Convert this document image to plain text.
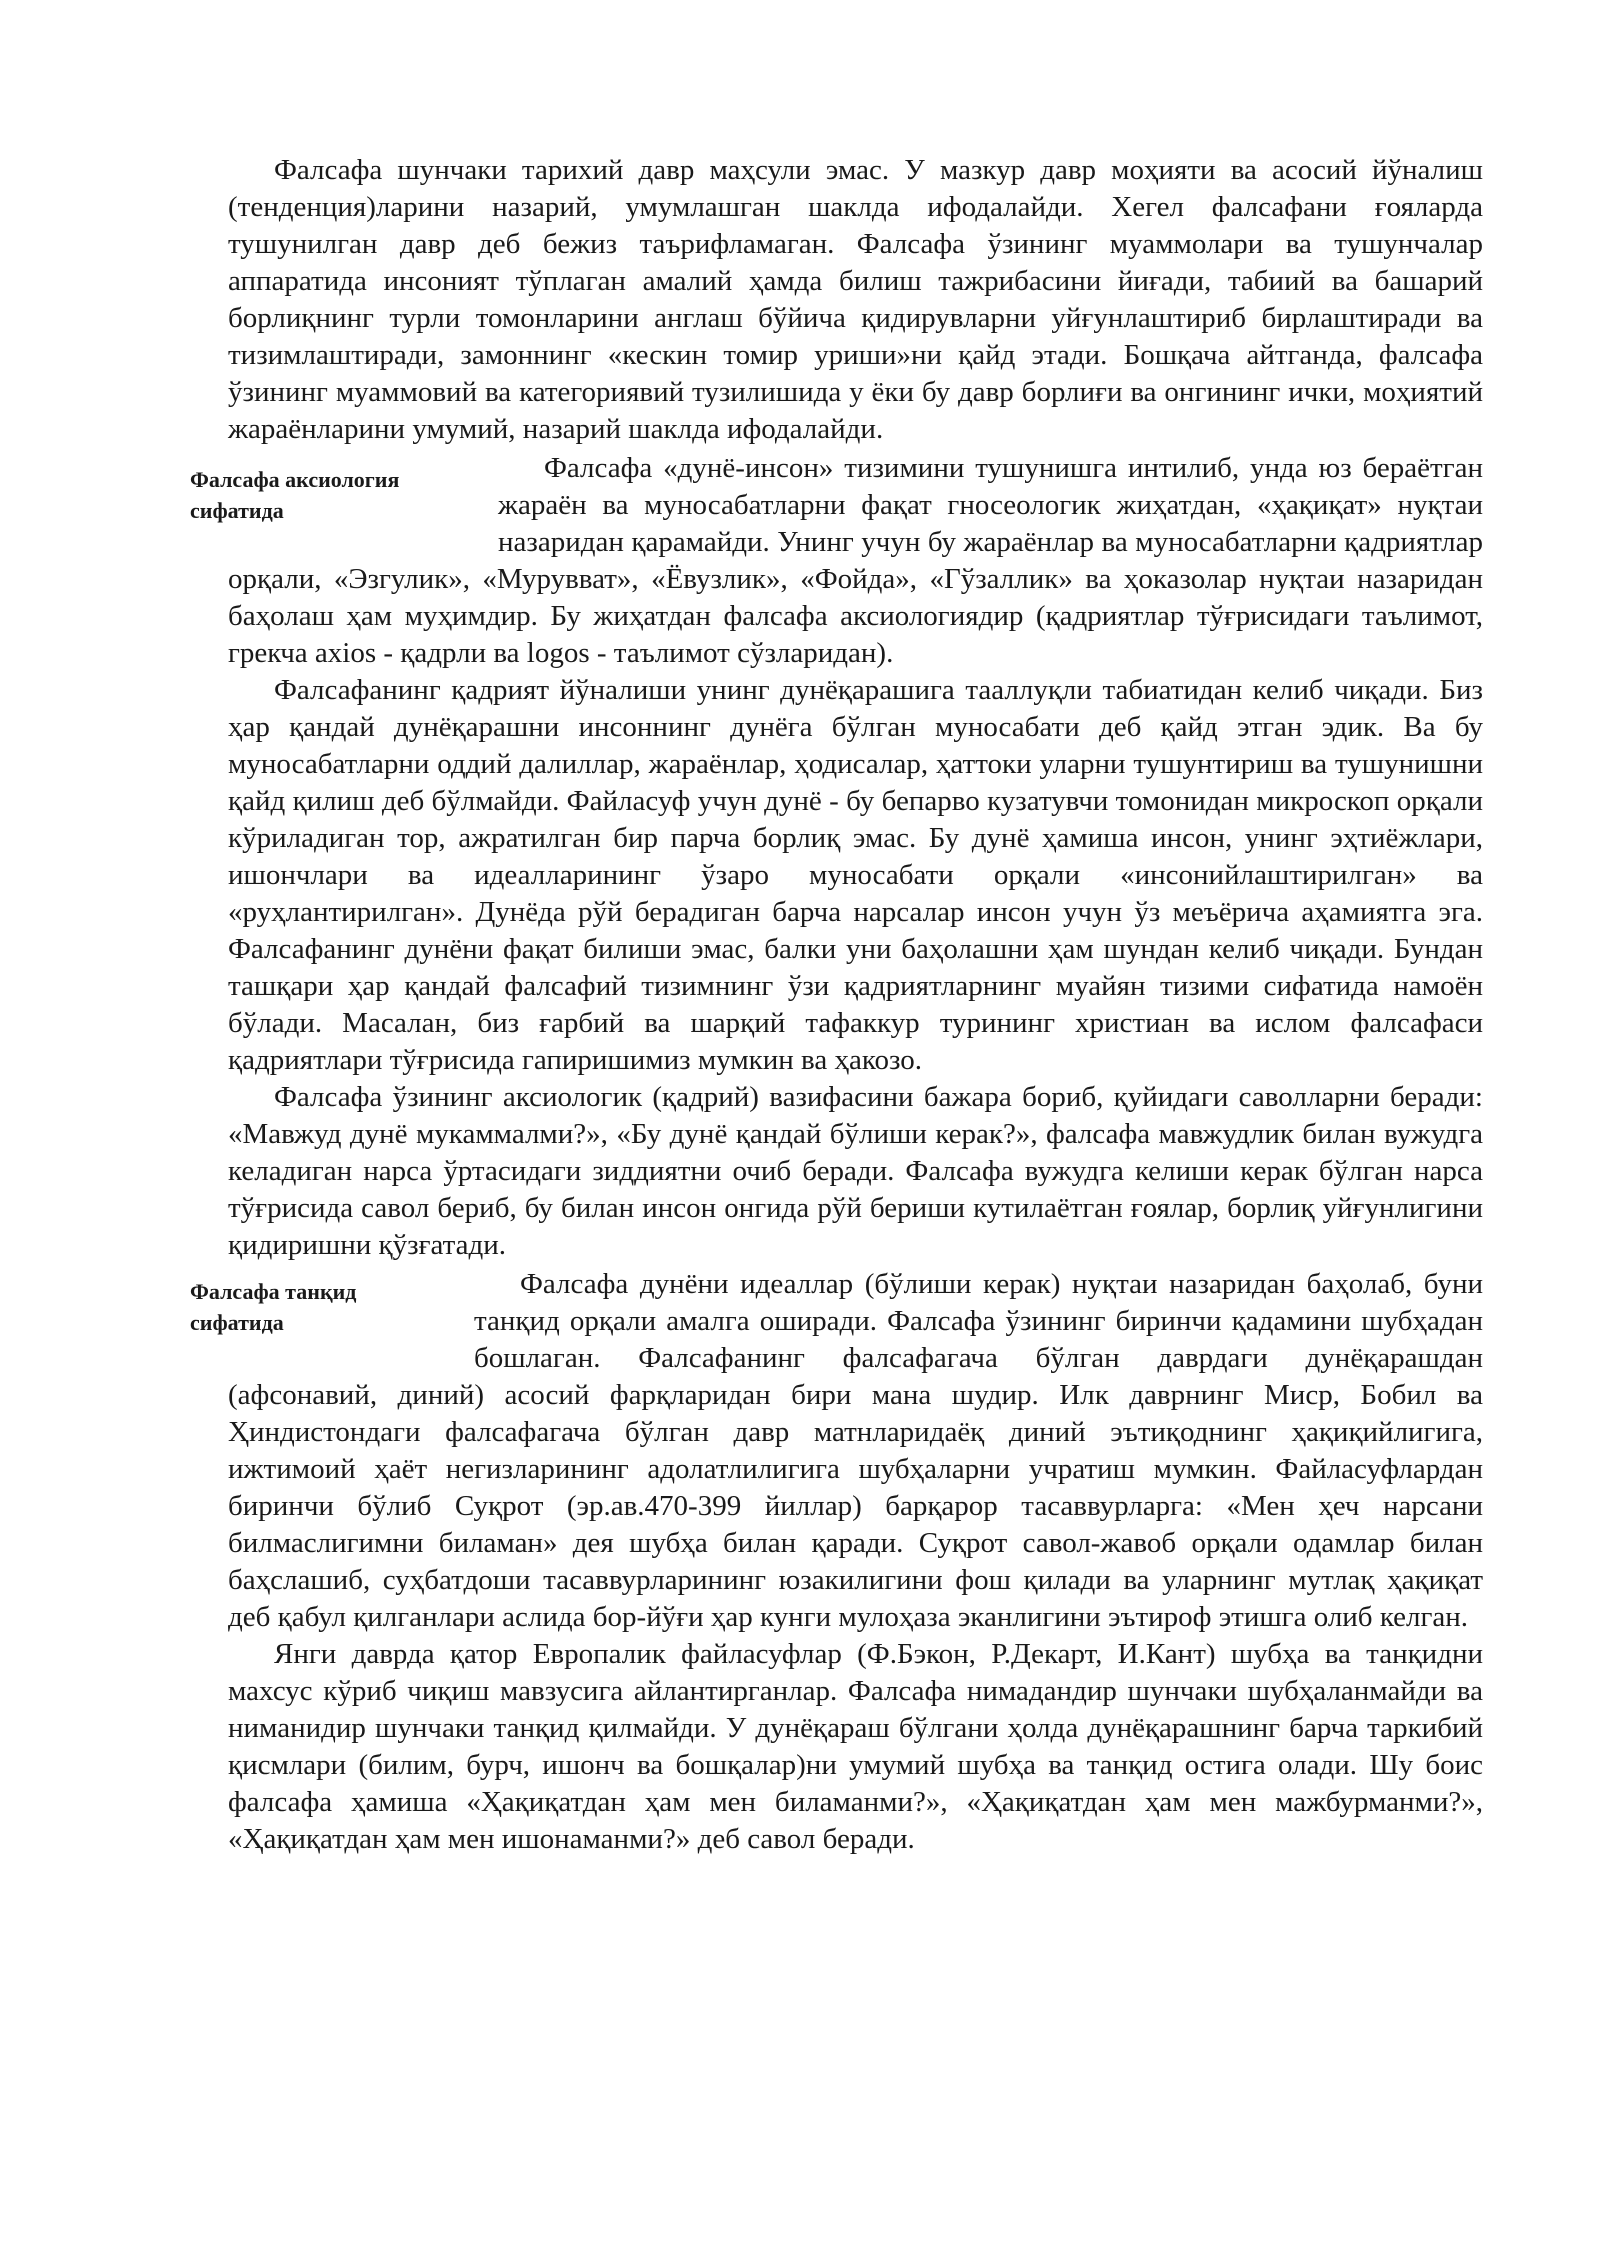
Фалсафа шунчаки тарихий давр маҳсули эмас. У мазкур давр моҳияти ва асосий йўналиш (тенденция)ларини назарий, умумлашган шаклда ифодалайди. Хегел фалсафани ғояларда тушунилган давр деб бежиз таърифламаган. Фалсафа ўзининг муаммолари ва тушунчалар аппаратида инсоният тўплаган амалий ҳамда билиш тажрибасини йиғади, табиий ва башарий борлиқнинг турли томонларини англаш бўйича қидирувларни уйғунлаштириб бирлаштиради ва тизимлаштиради, замоннинг «кескин томир уриши»ни қайд этади. Бошқача айтганда, фалсафа ўзининг муаммовий ва категориявий тузилишида у ёки бу давр борлиғи ва онгининг ички, моҳиятий жараёнларини умумий, назарий шаклда ифодалайди.

Фалсафа аксиология сифатида

Фалсафа «дунё-инсон» тизимини тушунишга интилиб, унда юз бераётган жараён ва муносабатларни фақат гносеологик жиҳатдан, «ҳақиқат» нуқтаи назаридан қарамайди. Унинг учун бу жараёнлар ва муносабатларни қадриятлар орқали, «Эзгулик», «Мурувват», «Ёвузлик», «Фойда», «Гўзаллик» ва ҳоказолар нуқтаи назаридан баҳолаш ҳам муҳимдир. Бу жиҳатдан фалсафа аксиологиядир (қадриятлар тўғрисидаги таълимот, грекча axios - қадрли ва logos - таълимот сўзларидан).

Фалсафанинг қадрият йўналиши унинг дунёқарашига тааллуқли табиатидан келиб чиқади. Биз ҳар қандай дунёқарашни инсоннинг дунёга бўлган муносабати деб қайд этган эдик. Ва бу муносабатларни оддий далиллар, жараёнлар, ҳодисалар, ҳаттоки уларни тушунтириш ва тушунишни қайд қилиш деб бўлмайди. Файласуф учун дунё - бу бепарво кузатувчи томонидан микроскоп орқали кўриладиган тор, ажратилган бир парча борлиқ эмас. Бу дунё ҳамиша инсон, унинг эҳтиёжлари, ишончлари ва идеалларининг ўзаро муносабати орқали «инсонийлаштирилган» ва «руҳлантирилган». Дунёда рўй берадиган барча нарсалар инсон учун ўз меъёрича аҳамиятга эга. Фалсафанинг дунёни фақат билиши эмас, балки уни баҳолашни ҳам шундан келиб чиқади. Бундан ташқари ҳар қандай фалсафий тизимнинг ўзи қадриятларнинг муайян тизими сифатида намоён бўлади. Масалан, биз ғарбий ва шарқий тафаккур турининг христиан ва ислом фалсафаси қадриятлари тўғрисида гапиришимиз мумкин ва ҳакозо.

Фалсафа ўзининг аксиологик (қадрий) вазифасини бажара бориб, қуйидаги саволларни беради: «Мавжуд дунё мукаммалми?», «Бу дунё қандай бўлиши керак?», фалсафа мавжудлик билан вужудга келадиган нарса ўртасидаги зиддиятни очиб беради. Фалсафа вужудга келиши керак бўлган нарса тўғрисида савол бериб, бу билан инсон онгида рўй бериши кутилаётган ғоялар, борлиқ уйғунлигини қидиришни қўзғатади.

Фалсафа танқид сифатида

Фалсафа дунёни идеаллар (бўлиши керак) нуқтаи назаридан баҳолаб, буни танқид орқали амалга оширади. Фалсафа ўзининг биринчи қадамини шубҳадан бошлаган. Фалсафанинг фалсафагача бўлган даврдаги дунёқарашдан (афсонавий, диний) асосий фарқларидан бири мана шудир. Илк даврнинг Миср, Бобил ва Ҳиндистондаги фалсафагача бўлган давр матнларидаёқ диний эътиқоднинг ҳақиқийлигига, ижтимоий ҳаёт негизларининг адолатлилигига шубҳаларни учратиш мумкин. Файласуфлардан биринчи бўлиб Суқрот (эр.ав.470-399 йиллар) барқарор тасаввурларга: «Мен ҳеч нарсани билмаслигимни биламан» дея шубҳа билан қаради. Суқрот савол-жавоб орқали одамлар билан баҳслашиб, суҳбатдоши тасаввурларининг юзакилигини фош қилади ва уларнинг мутлақ ҳақиқат деб қабул қилганлари аслида бор-йўғи ҳар кунги мулоҳаза эканлигини эътироф этишга олиб келган.

Янги даврда қатор Европалик файласуфлар (Ф.Бэкон, Р.Декарт, И.Кант) шубҳа ва танқидни махсус кўриб чиқиш мавзусига айлантирганлар. Фалсафа нимадандир шунчаки шубҳаланмайди ва ниманидир шунчаки танқид қилмайди. У дунёқараш бўлгани ҳолда дунёқарашнинг барча таркибий қисмлари (билим, бурч, ишонч ва бошқалар)ни умумий шубҳа ва танқид остига олади. Шу боис фалсафа ҳамиша «Ҳақиқатдан ҳам мен биламанми?», «Ҳақиқатдан ҳам мен мажбурманми?», «Ҳақиқатдан ҳам мен ишонаманми?» деб савол беради.
